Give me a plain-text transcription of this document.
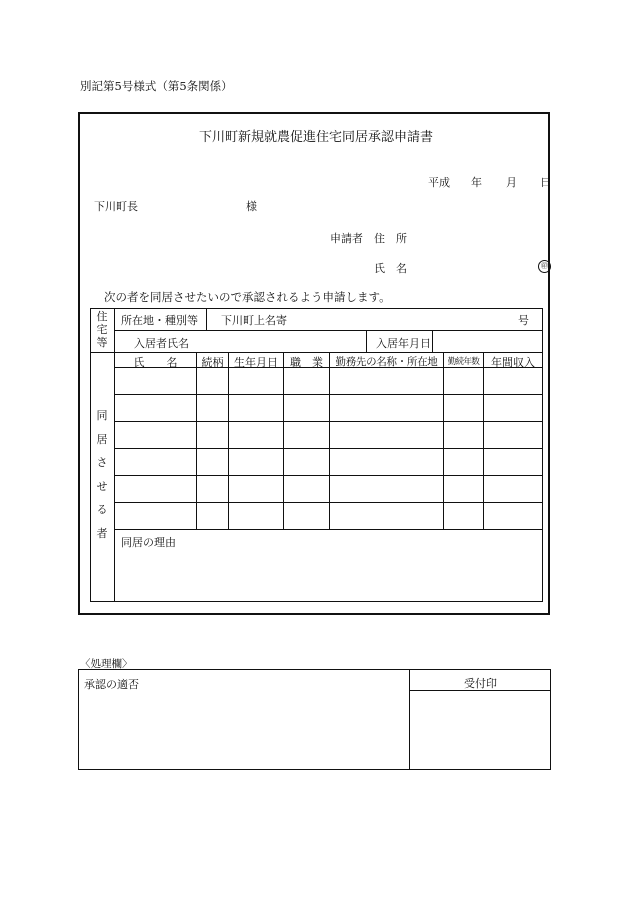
別記第5号様式（第5条関係）
下川町新規就農促進住宅同居承認申請書
平成 年 月 日
下川町長	様
申請者 住　所
氏　名	㊞
次の者を同居させたいので承認されるよう申請します。
住
宅
等
所在地・種別等 下川町上名寄	号
入居者氏名	入居年月日
同
居
さ
せ
る
者
氏　　名	続柄 生年月日	職　業	勤務先の名称・所在地	勤続年数	年間収入
同居の理由
〈処理欄〉
承認の適否	受付印
